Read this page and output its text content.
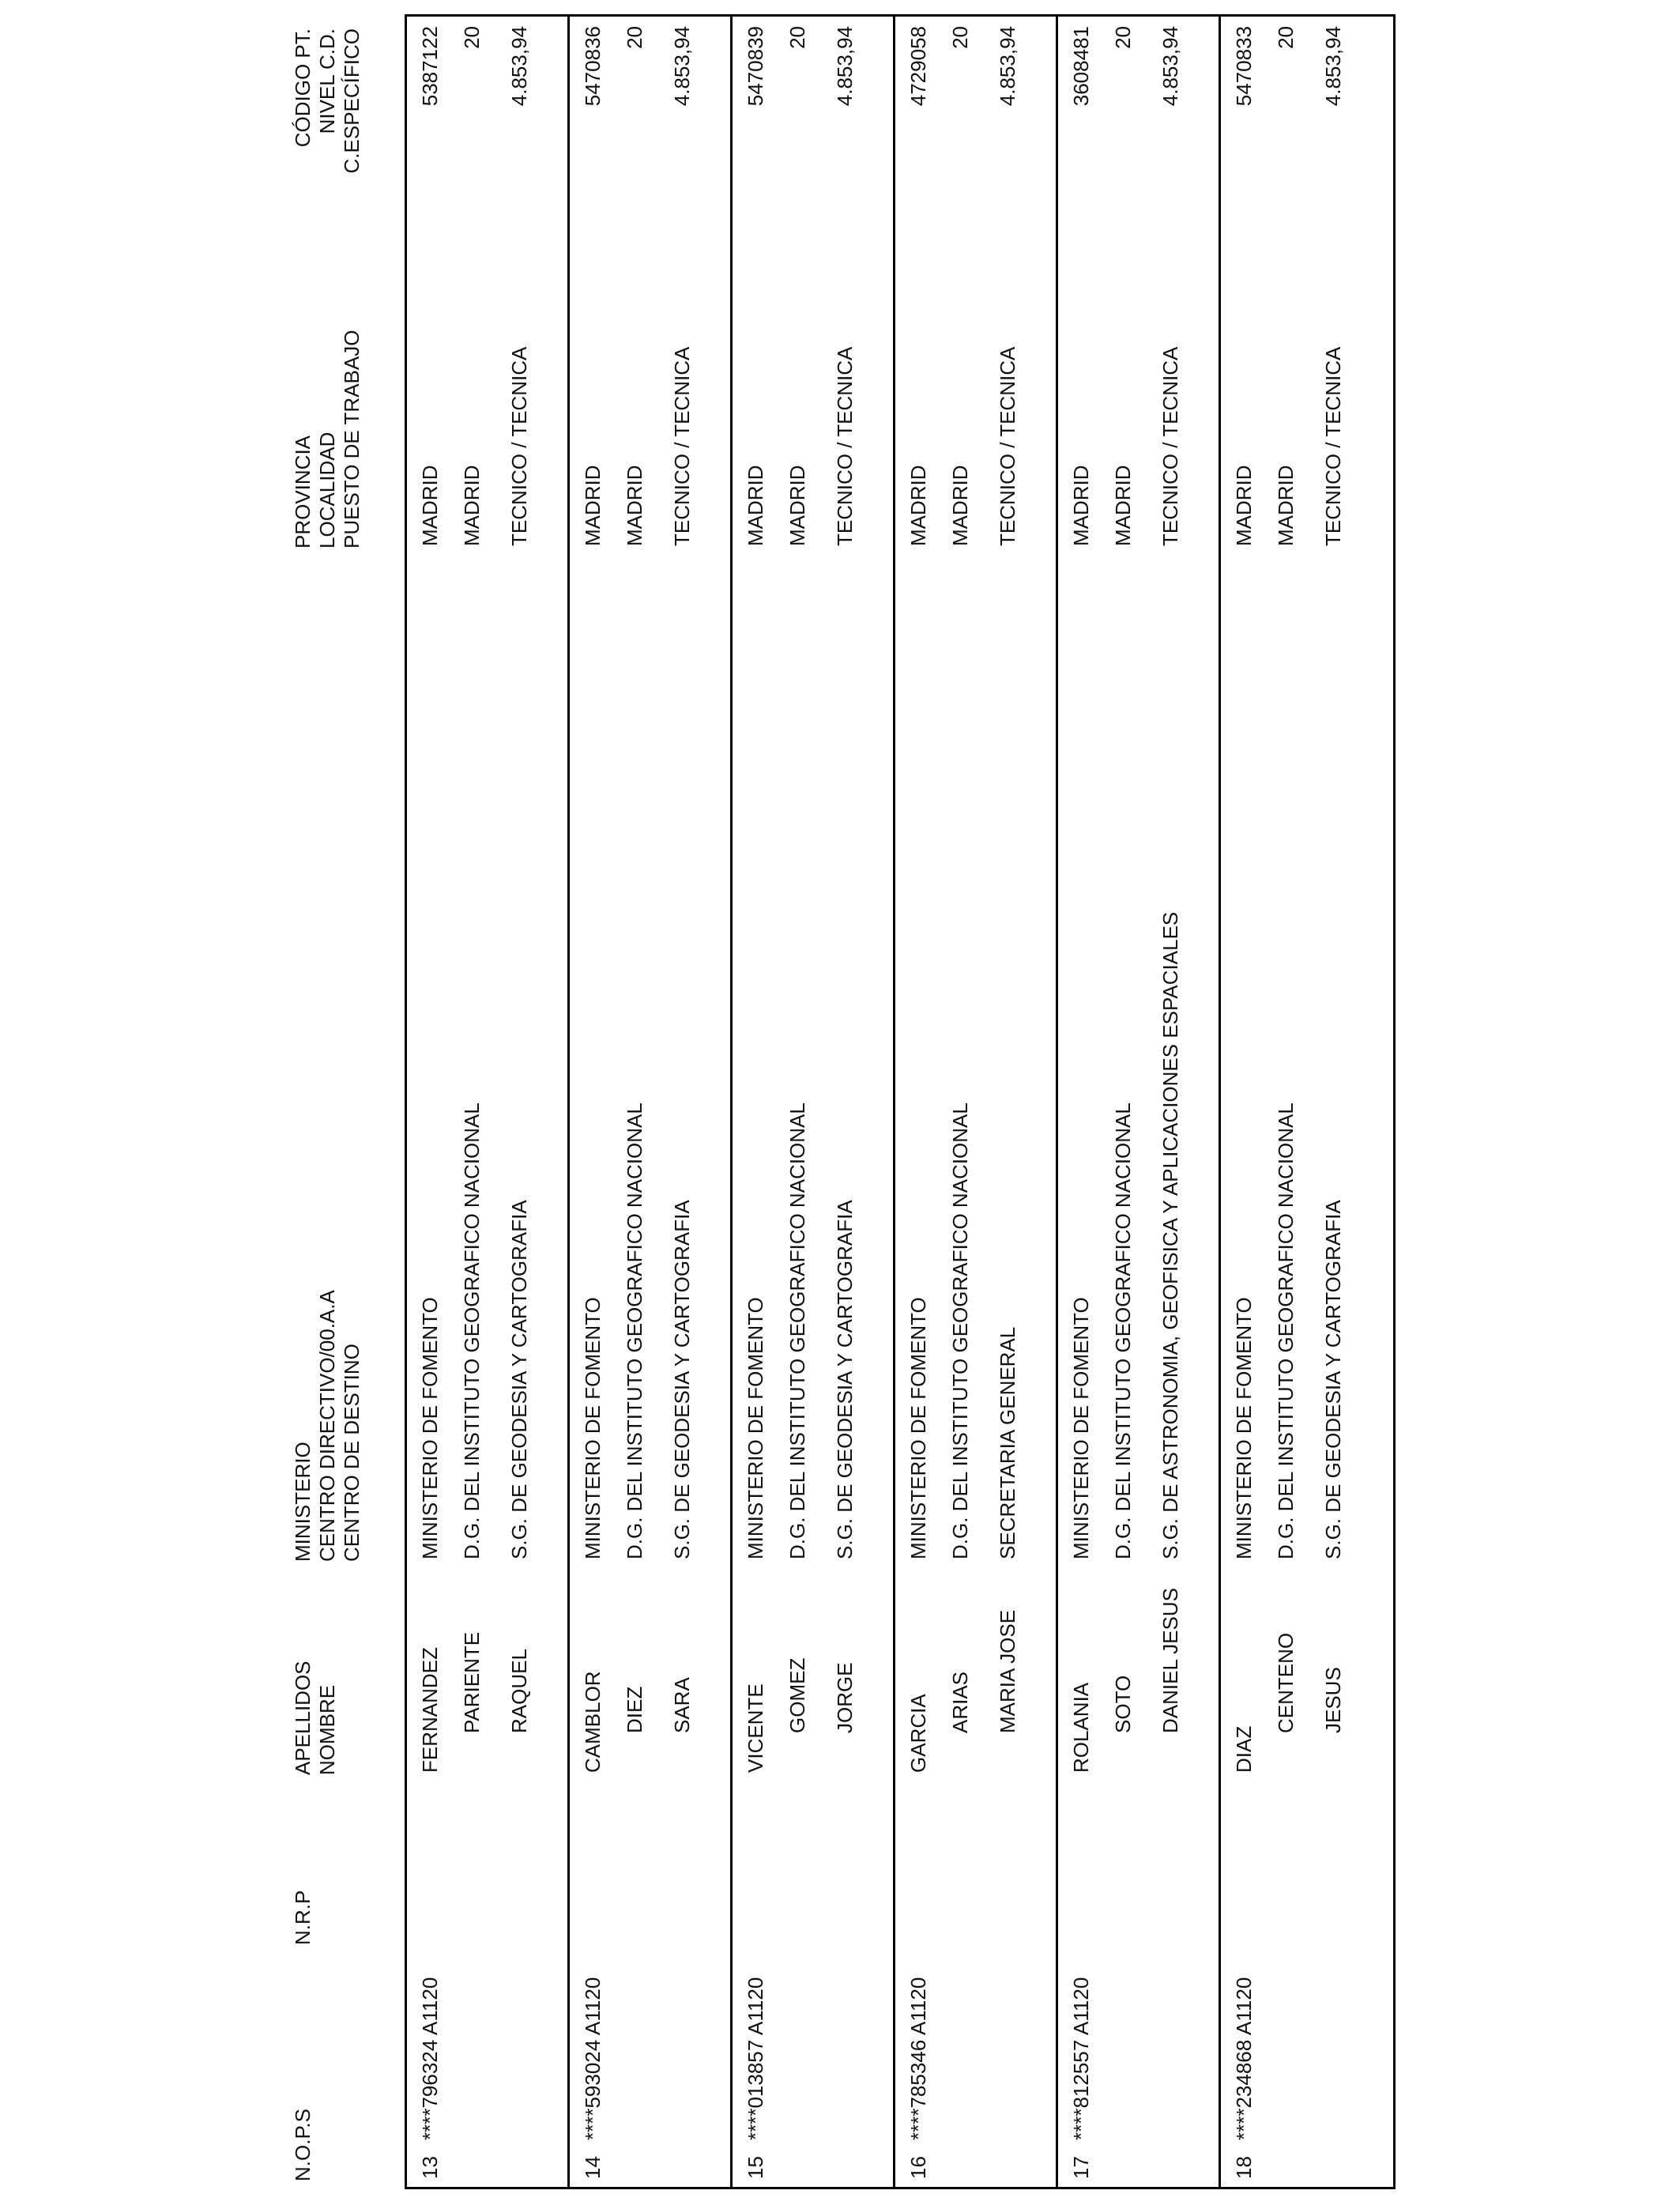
N.O.P.S
N.R.P
APELLIDOS NOMBRE
MINISTERIO CENTRO DIRECTIVO/00.A.A CENTRO DE DESTINO
PROVINCIA LOCALIDAD PUESTO DE TRABAJO
CÓDIGO PT. NIVEL C.D. C.ESPECÍFICO
13
****796324 A1120
FERNANDEZ PARIENTE RAQUEL
MINISTERIO DE FOMENTO D.G. DEL INSTITUTO GEOGRAFICO NACIONAL S.G. DE GEODESIA Y CARTOGRAFIA
MADRID MADRID TECNICO / TECNICA
5387122 20 4.853,94
14
****593024 A1120
CAMBLOR DIEZ SARA
MINISTERIO DE FOMENTO D.G. DEL INSTITUTO GEOGRAFICO NACIONAL S.G. DE GEODESIA Y CARTOGRAFIA
MADRID MADRID TECNICO / TECNICA
5470836 20 4.853,94
15
****013857 A1120
VICENTE GOMEZ JORGE
MINISTERIO DE FOMENTO D.G. DEL INSTITUTO GEOGRAFICO NACIONAL S.G. DE GEODESIA Y CARTOGRAFIA
MADRID MADRID TECNICO / TECNICA
5470839 20 4.853,94
16
****785346 A1120
GARCIA ARIAS MARIA JOSE
MINISTERIO DE FOMENTO D.G. DEL INSTITUTO GEOGRAFICO NACIONAL SECRETARIA GENERAL
MADRID MADRID TECNICO / TECNICA
4729058 20 4.853,94
17
****812557 A1120
ROLANIA SOTO DANIEL JESUS
MINISTERIO DE FOMENTO D.G. DEL INSTITUTO GEOGRAFICO NACIONAL S.G. DE ASTRONOMIA, GEOFISICA Y APLICACIONES ESPACIALES
MADRID MADRID TECNICO / TECNICA
3608481 20 4.853,94
18
****234868 A1120
DIAZ
CENTENO JESUS
MINISTERIO DE FOMENTO D.G. DEL INSTITUTO GEOGRAFICO NACIONAL S.G. DE GEODESIA Y CARTOGRAFIA
MADRID MADRID TECNICO / TECNICA
5470833 20 4.853,94
